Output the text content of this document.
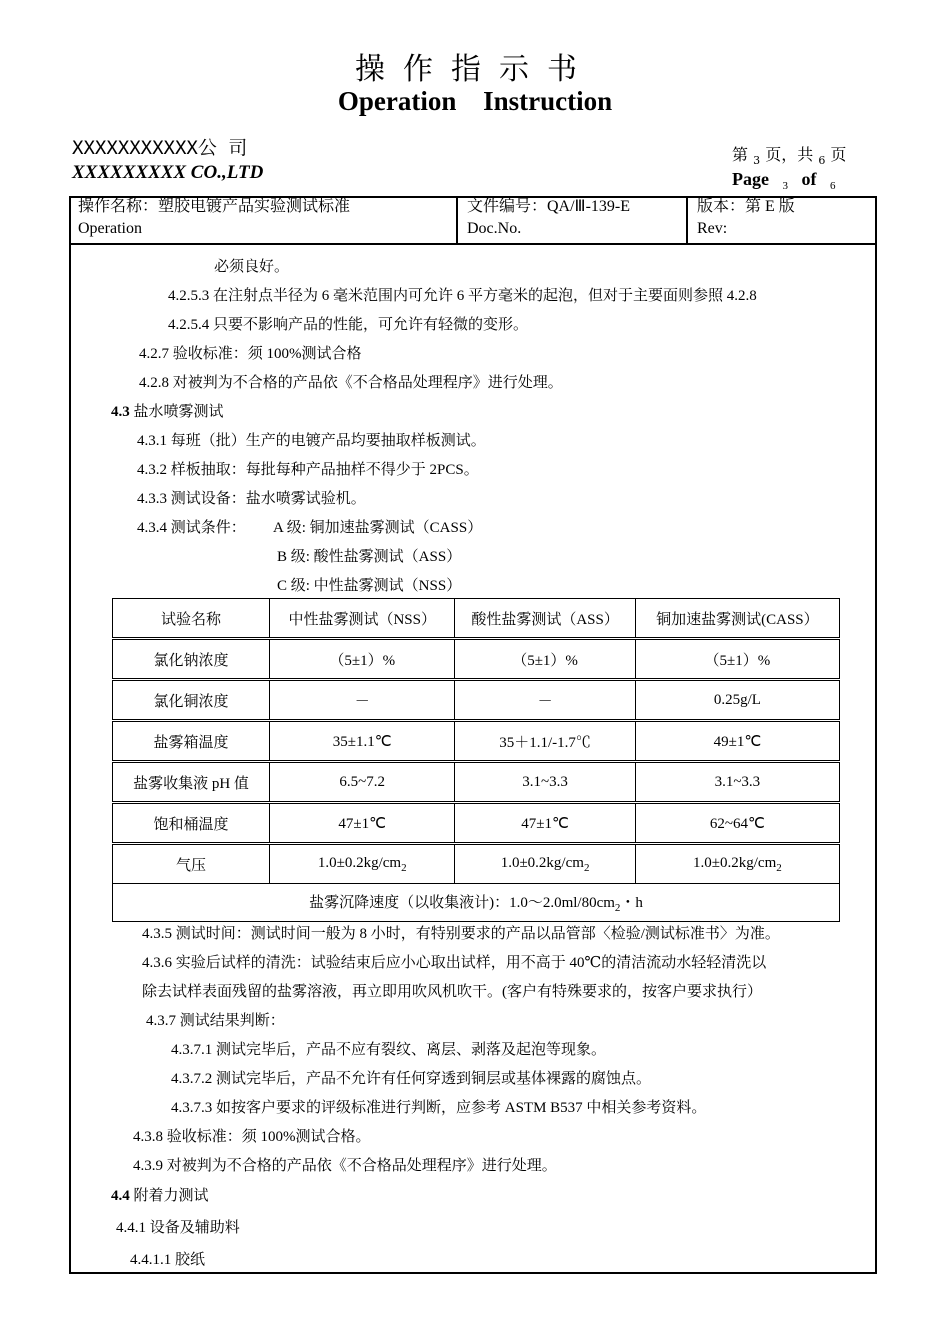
操作指示书
Operation Instruction
XXXXXXXXXXX公 司
XXXXXXXXX CO.,LTD
第 $_3$ 页，共 $_6$ 页
Page $_3$ of $_6$
操作名称：塑胶电镀产品实验测试标准
Operation
文件编号：QA/Ⅲ-139-E
Doc.No.
版本：第 E 版
Rev:
必须良好。
4.2.5.3 在注射点半径为 6 毫米范围内可允许 6 平方毫米的起泡，但对于主要面则参照 4.2.8
4.2.5.4 只要不影响产品的性能，可允许有轻微的变形。
4.2.7 验收标准：须 100%测试合格
4.2.8 对被判为不合格的产品依《不合格品处理程序》进行处理。
4.3 盐水喷雾测试
4.3.1 每班（批）生产的电镀产品均要抽取样板测试。
4.3.2 样板抽取：每批每种产品抽样不得少于 2PCS。
4.3.3 测试设备：盐水喷雾试验机。
4.3.4 测试条件： A 级: 铜加速盐雾测试（CASS）
B 级: 酸性盐雾测试（ASS）
C 级: 中性盐雾测试（NSS）
试验名称	中性盐雾测试（NSS）	酸性盐雾测试（ASS）	铜加速盐雾测试(CASS）
氯化钠浓度	（5±1）%	（5±1）%	（5±1）%
氯化铜浓度	－	－	0.25g/L
盐雾箱温度	35±1.1℃	35＋1.1/-1.7℃	49±1℃
盐雾收集液 pH 值	6.5~7.2	3.1~3.3	3.1~3.3
饱和桶温度	47±1℃	47±1℃	62~64℃
气压	$1.0\pm 0.2kg/cm_2$	$1.0\pm 0.2kg/cm_2$	$1.0\pm 0.2kg/cm_2$
盐雾沉降速度（以收集液计)：$1.0\sim 2.0ml/80cm_2$・h			
4.3.5 测试时间：测试时间一般为 8 小时，有特别要求的产品以品管部〈检验/测试标准书〉为准。
4.3.6 实验后试样的清洗：试验结束后应小心取出试样，用不高于 40℃的清洁流动水轻轻清洗以
除去试样表面残留的盐雾溶液，再立即用吹风机吹干。(客户有特殊要求的，按客户要求执行）
4.3.7 测试结果判断：
4.3.7.1 测试完毕后，产品不应有裂纹、离层、剥落及起泡等现象。
4.3.7.2 测试完毕后，产品不允许有任何穿透到铜层或基体裸露的腐蚀点。
4.3.7.3 如按客户要求的评级标准进行判断，应参考 ASTM B537 中相关参考资料。
4.3.8 验收标准：须 100%测试合格。
4.3.9 对被判为不合格的产品依《不合格品处理程序》进行处理。
4.4 附着力测试
4.4.1 设备及辅助料
4.4.1.1 胶纸
